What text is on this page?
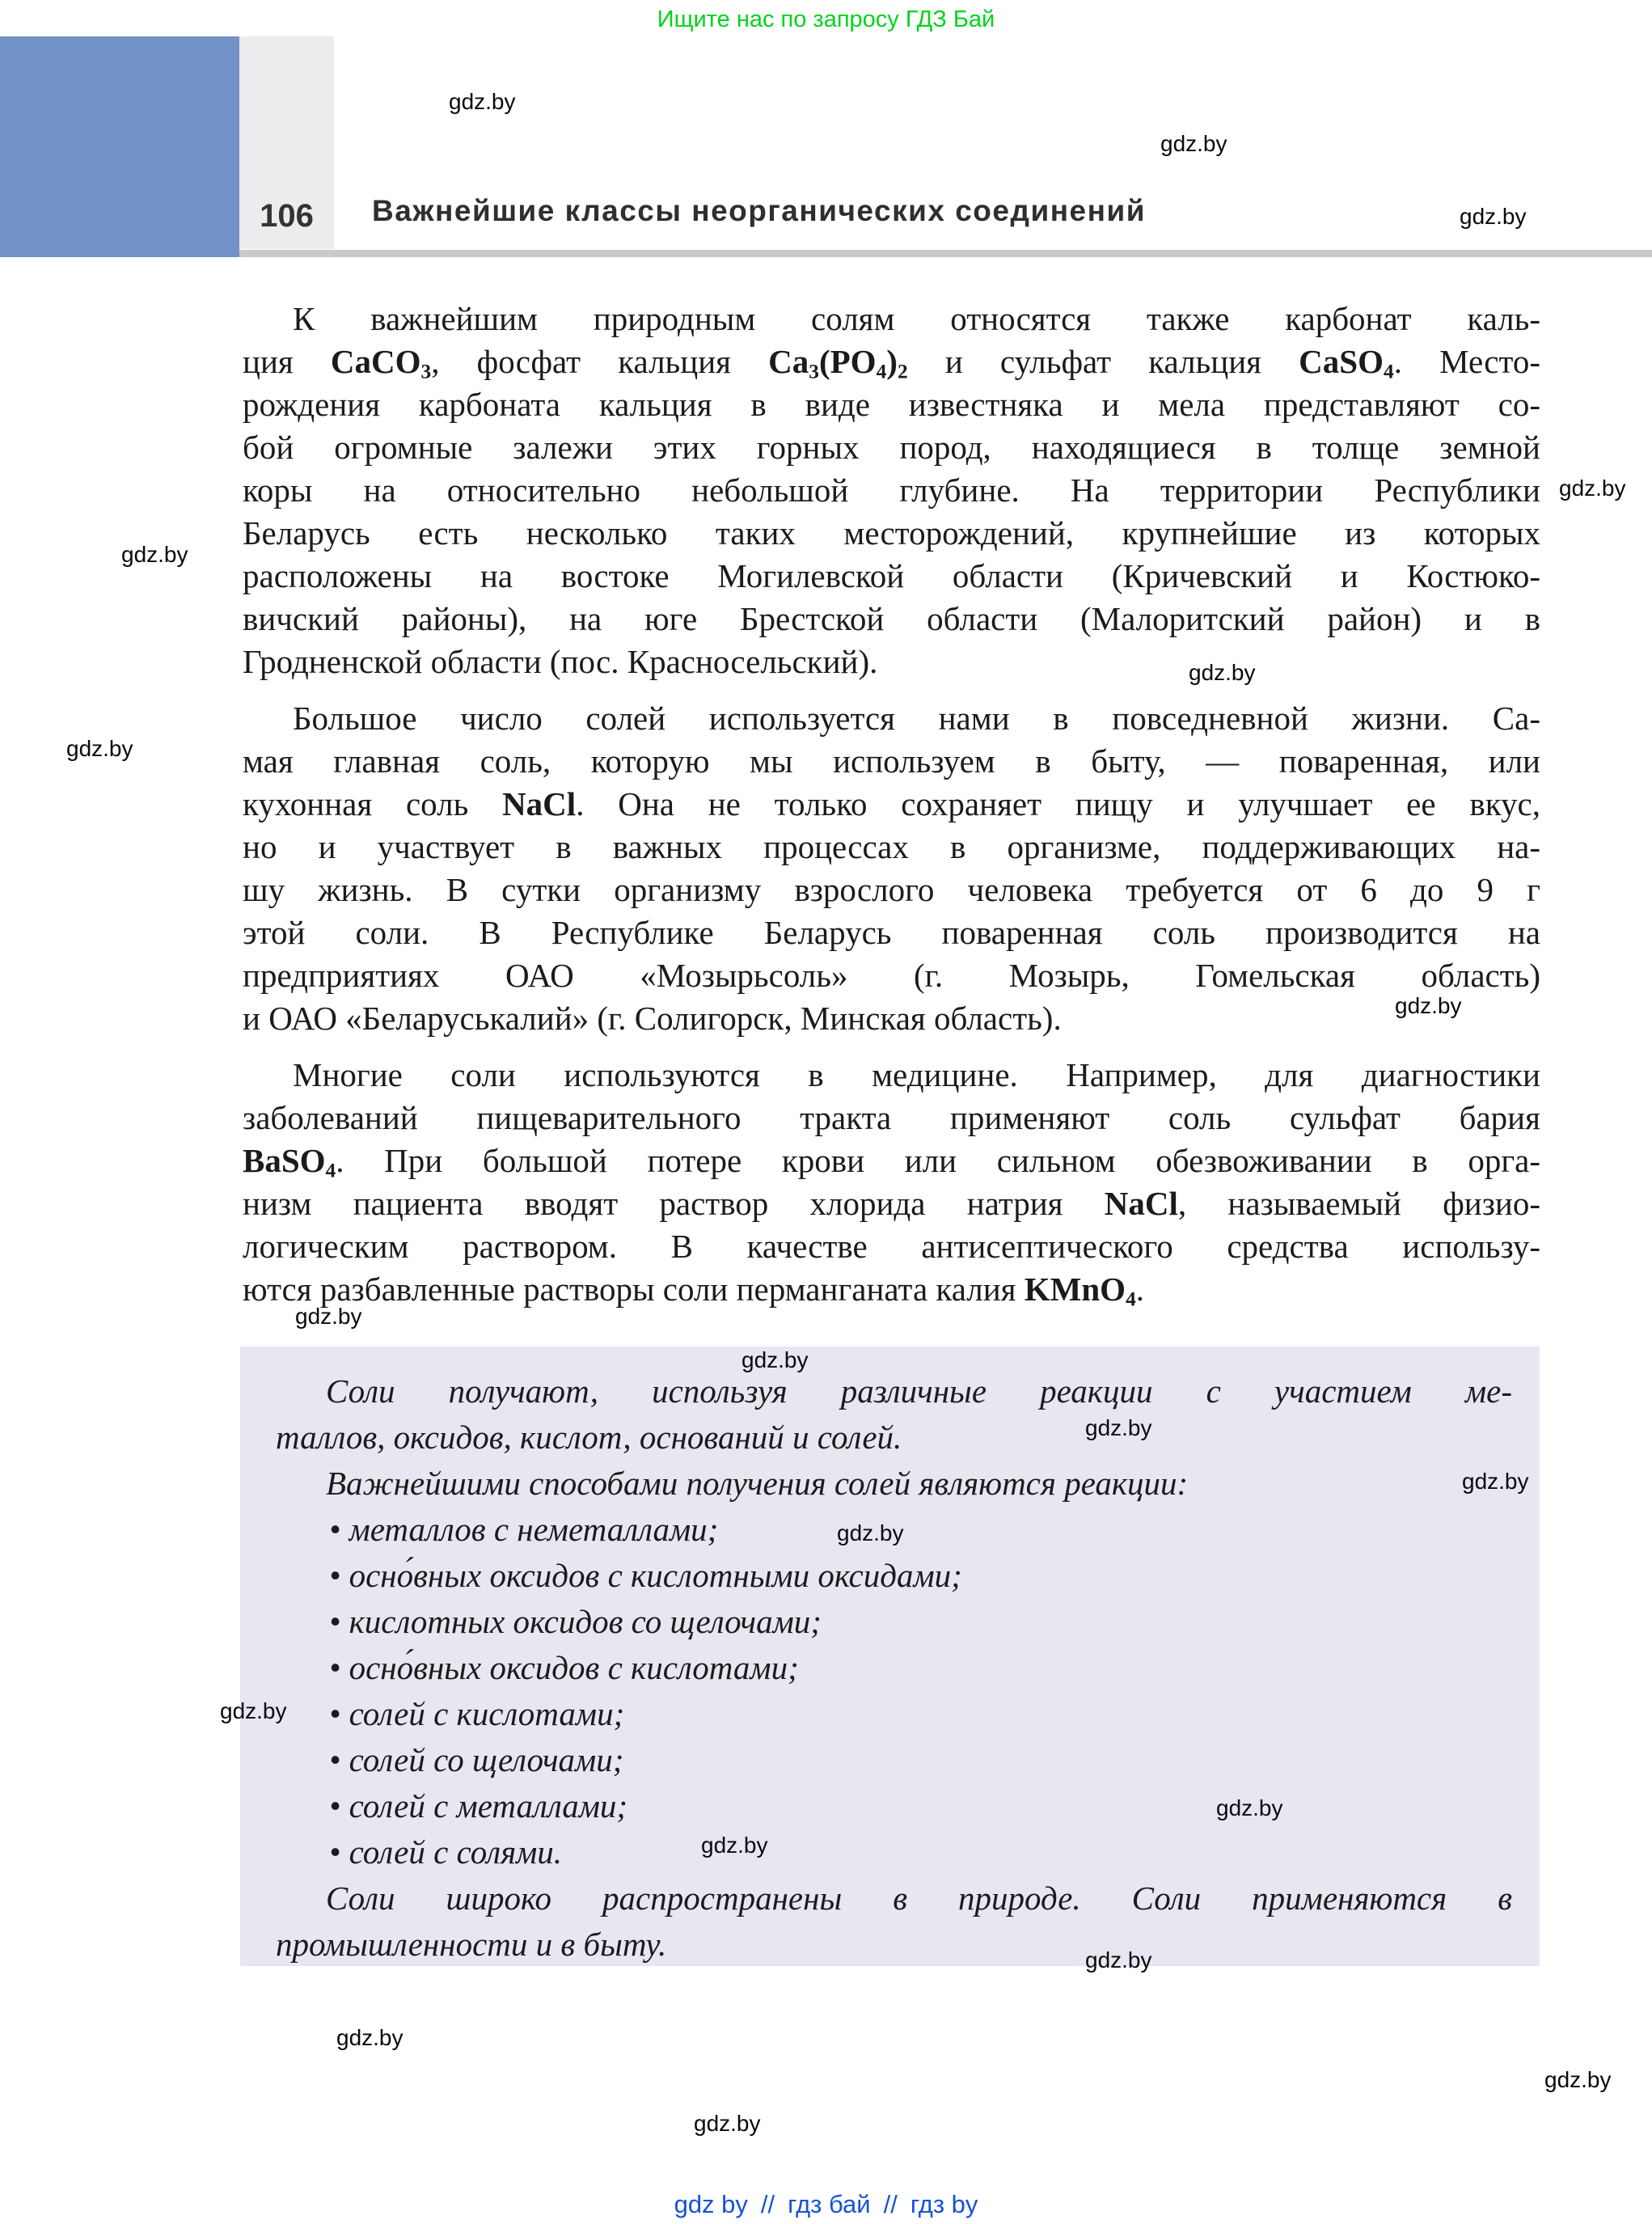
Ищите нас по запросу ГДЗ Бай
106	Важнейшие классы неорганических соединений
К важнейшим природным солям относятся также карбонат каль-
ция CaCO$_3$, фосфат кальция $Ca_3(PO_4)_2$ и сульфат кальция CaSO$_4$. Место-
рождения карбоната кальция в виде известняка и мела представляют со-
бой огромные залежи этих горных пород, находящиеся в толще земной
коры на относительно небольшой глубине. На территории Республики
Беларусь есть несколько таких месторождений, крупнейшие из которых
расположены на востоке Могилевской области (Кричевский и Костюко-
вичский районы), на юге Брестской области (Малоритский район) и в
Гродненской области (пос. Красносельский).
Большое число солей используется нами в повседневной жизни. Са-
мая главная соль, которую мы используем в быту, — поваренная, или
кухонная соль NaCl. Она не только сохраняет пищу и улучшает ее вкус,
но и участвует в важных процессах в организме, поддерживающих на-
шу жизнь. В сутки организму взрослого человека требуется от 6 до 9 г
этой соли. В Республике Беларусь поваренная соль производится на
предприятиях ОАО «Мозырьсоль» (г. Мозырь, Гомельская область)
и ОАО «Беларуськалий» (г. Солигорск, Минская область).
Многие соли используются в медицине. Например, для диагностики
заболеваний пищеварительного тракта применяют соль сульфат бария
BaSO$_4$. При большой потере крови или сильном обезвоживании в орга-
низм пациента вводят раствор хлорида натрия NaCl, называемый физио-
логическим раствором. В качестве антисептического средства использу-
ются разбавленные растворы соли перманганата калия KMnO$_4$.
Соли получают, используя различные реакции с участием ме-
таллов, оксидов, кислот, оснований и солей.
Важнейшими способами получения солей являются реакции:
• металлов с неметаллами;
• осно́вных оксидов с кислотными оксидами;
• кислотных оксидов со щелочами;
• осно́вных оксидов с кислотами;
• солей с кислотами;
• солей со щелочами;
• солей с металлами;
• солей с солями.
Соли широко распространены в природе. Соли применяются в
промышленности и в быту.
gdz.by
gdz.by
gdz.by
gdz.by
gdz.by
gdz.by
gdz.by
gdz.by
gdz.by
gdz.by
gdz.by
gdz.by
gdz.by
gdz.by
gdz.by
gdz.by
gdz.by
gdz.by
gdz.by
gdz.by
gdz by // гдз бай // гдз by
